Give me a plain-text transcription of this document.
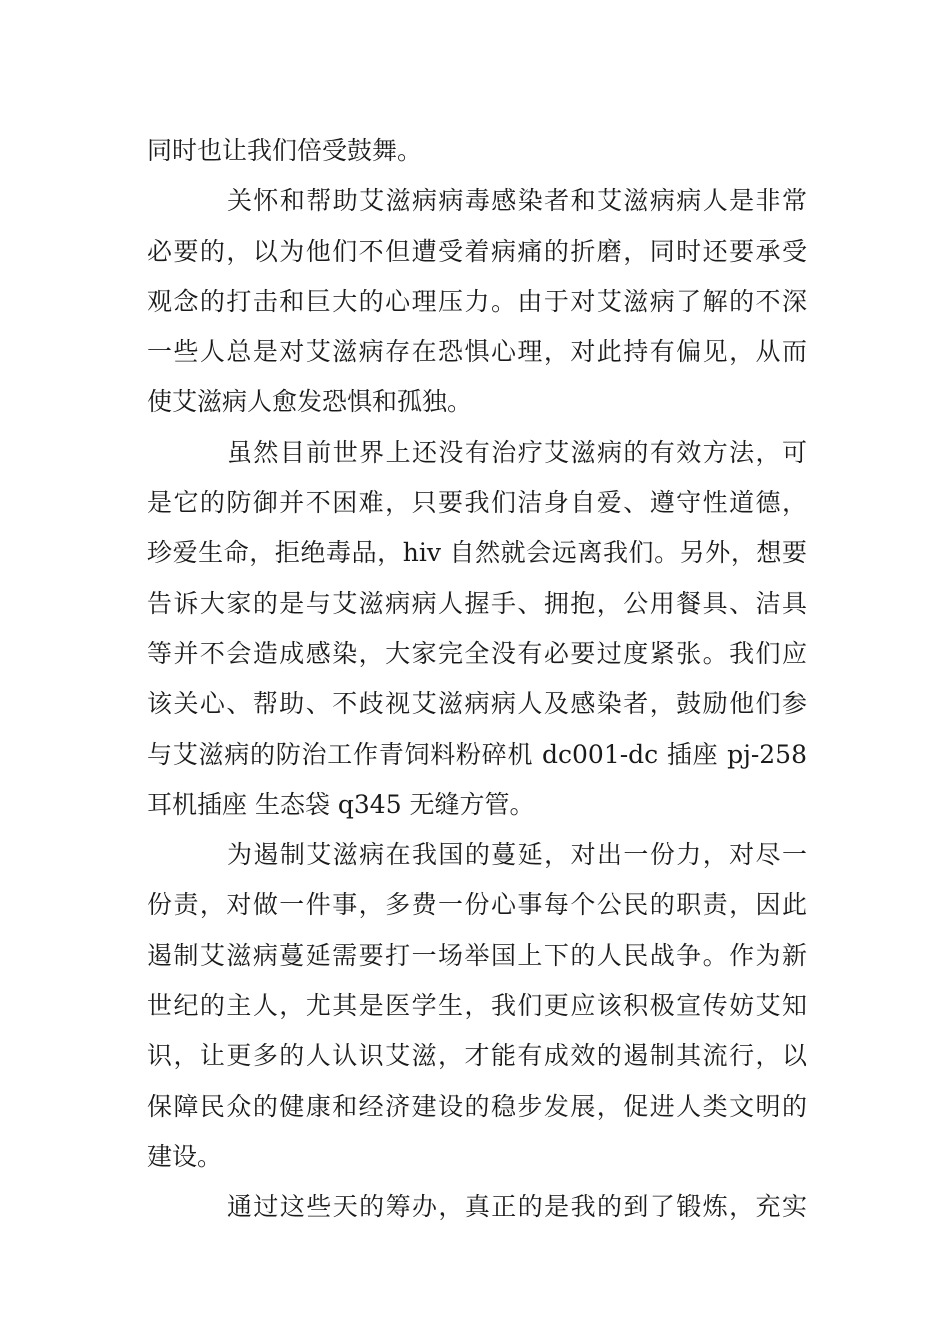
同时也让我们倍受鼓舞。
关怀和帮助艾滋病病毒感染者和艾滋病病人是非常
必要的，以为他们不但遭受着病痛的折磨，同时还要承受
观念的打击和巨大的心理压力。由于对艾滋病了解的不深
一些人总是对艾滋病存在恐惧心理，对此持有偏见，从而
使艾滋病人愈发恐惧和孤独。
虽然目前世界上还没有治疗艾滋病的有效方法，可
是它的防御并不困难，只要我们洁身自爱、遵守性道德，
珍爱生命，拒绝毒品，hiv 自然就会远离我们。另外，想要
告诉大家的是与艾滋病病人握手、拥抱，公用餐具、洁具
等并不会造成感染，大家完全没有必要过度紧张。我们应
该关心、帮助、不歧视艾滋病病人及感染者，鼓励他们参
与艾滋病的防治工作青饲料粉碎机 dc001-dc 插座 pj-258
耳机插座 生态袋 q345 无缝方管。
为遏制艾滋病在我国的蔓延，对出一份力，对尽一
份责，对做一件事，多费一份心事每个公民的职责，因此
遏制艾滋病蔓延需要打一场举国上下的人民战争。作为新
世纪的主人，尤其是医学生，我们更应该积极宣传妨艾知
识，让更多的人认识艾滋，才能有成效的遏制其流行，以
保障民众的健康和经济建设的稳步发展，促进人类文明的
建设。
通过这些天的筹办，真正的是我的到了锻炼，充实
